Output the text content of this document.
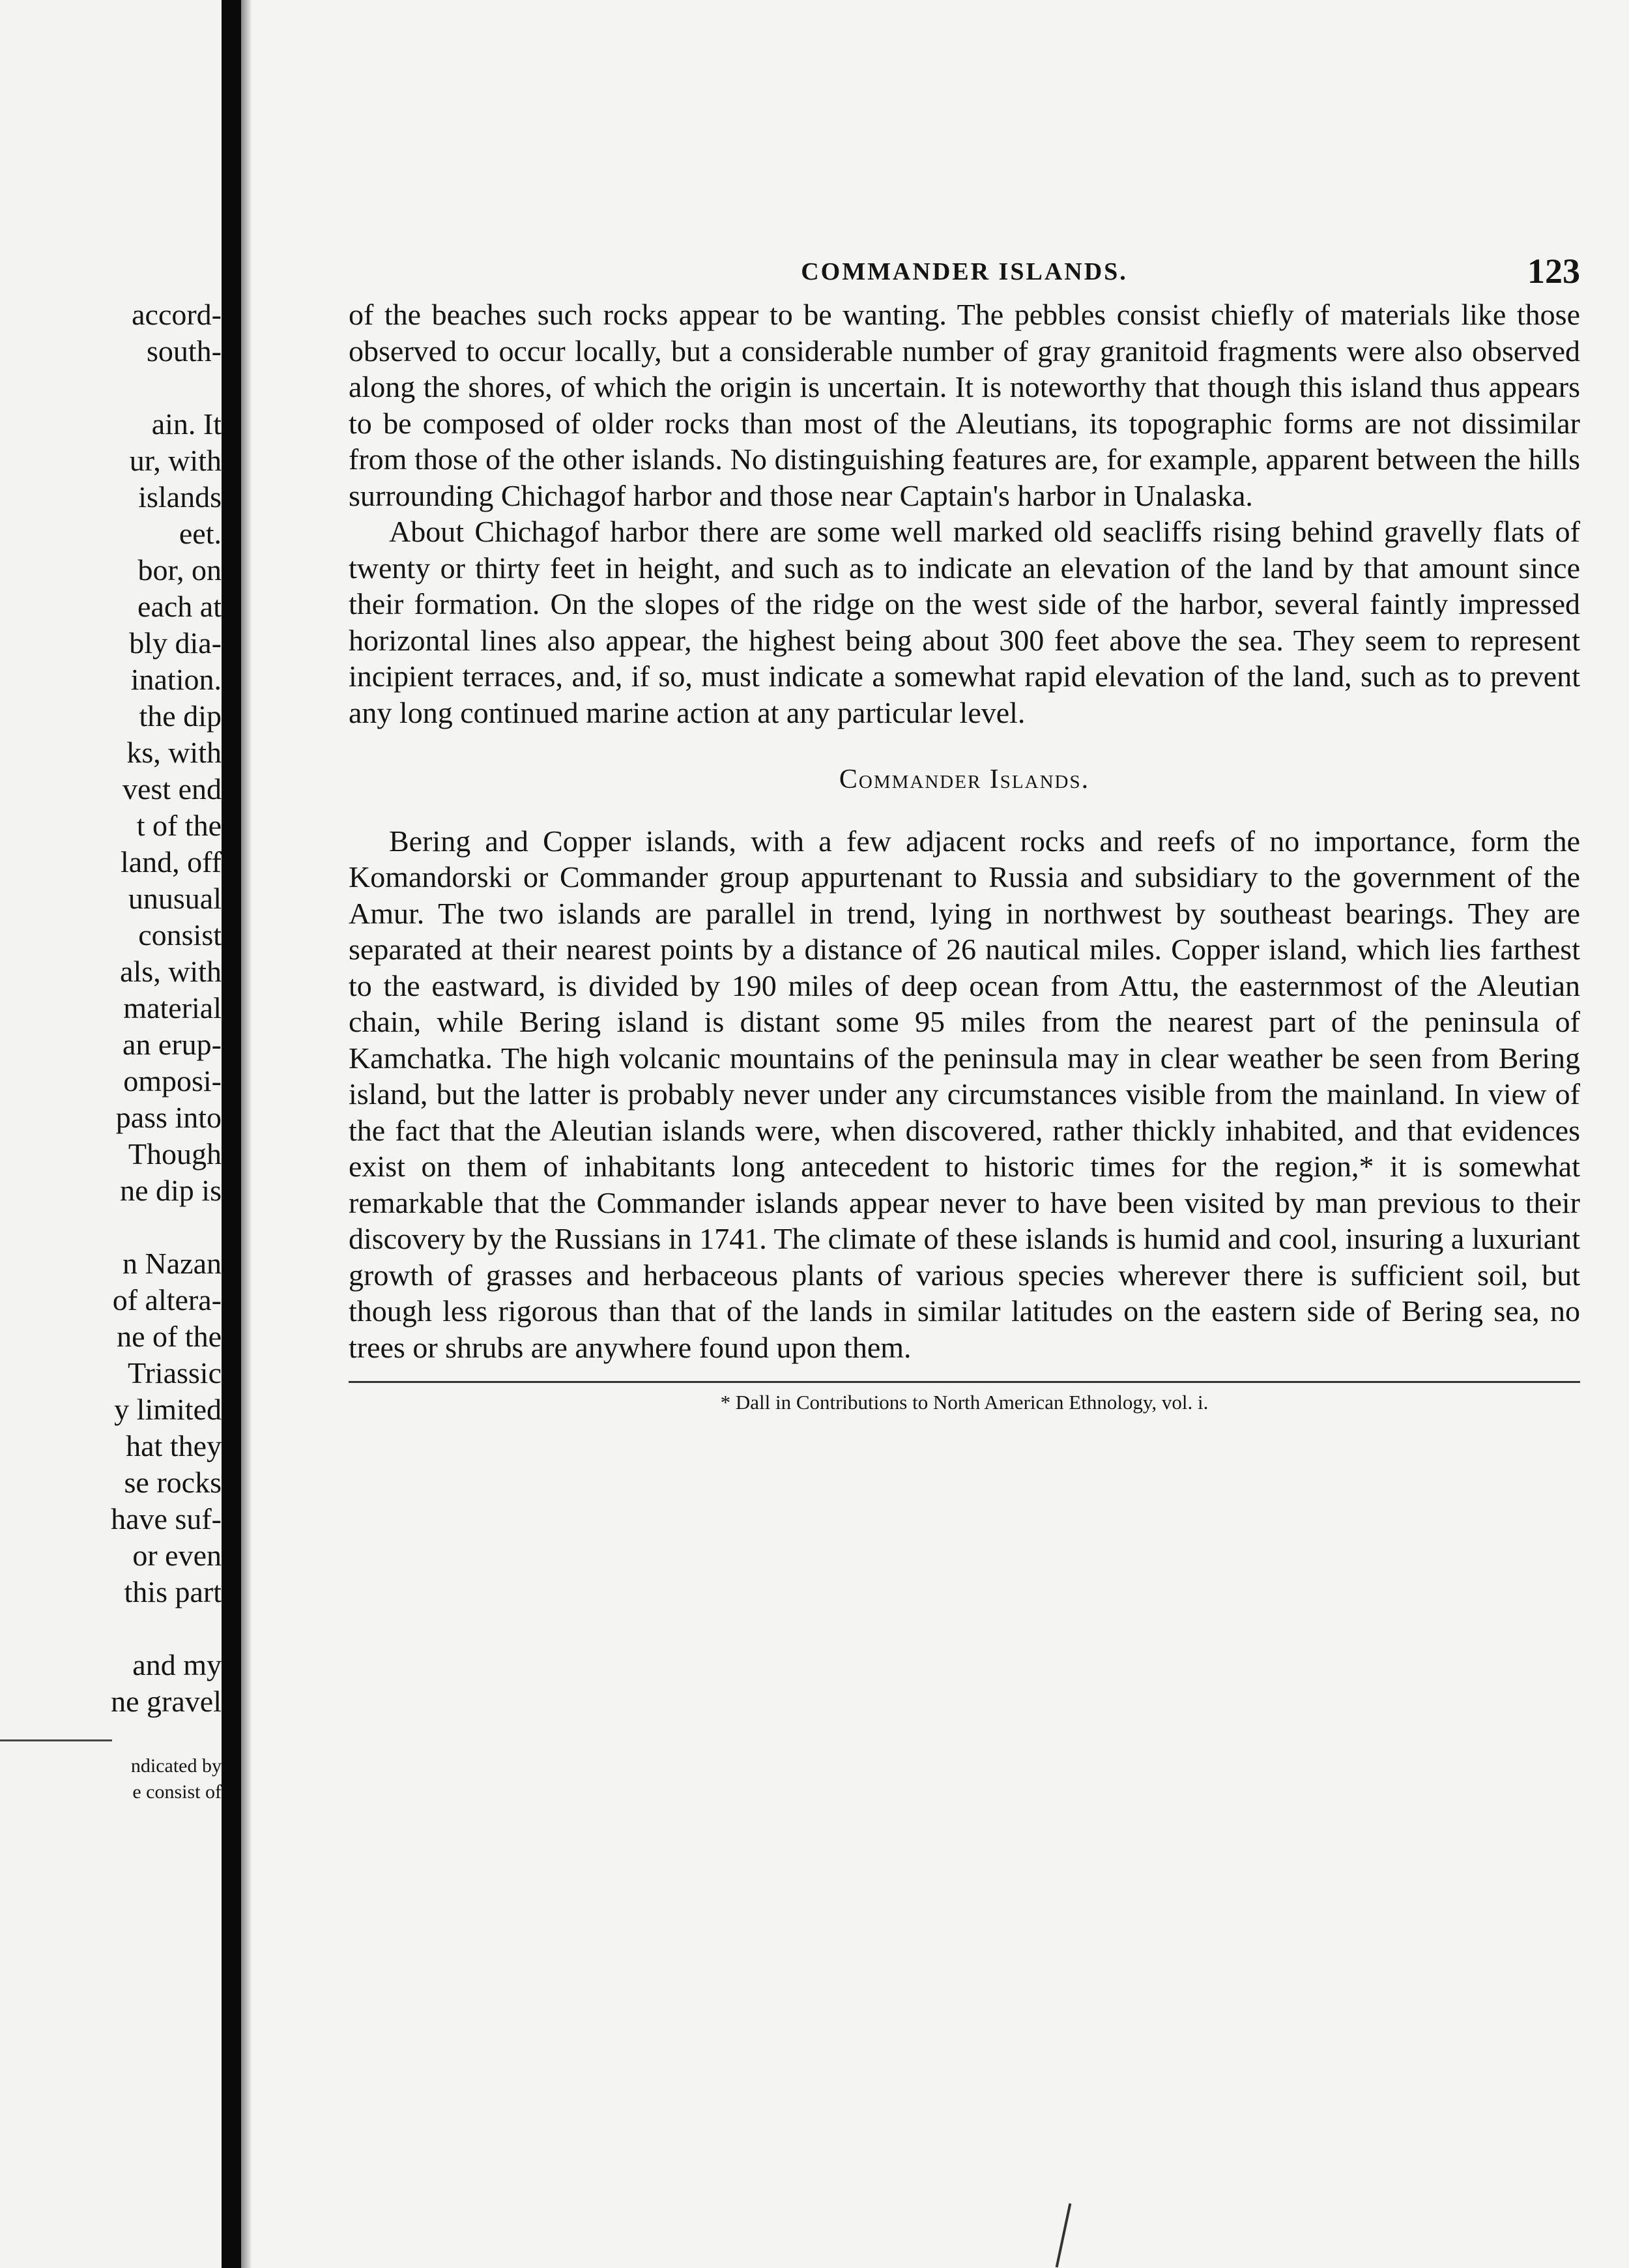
accord-
south-
ain. It
ur, with
islands
eet.
bor, on
each at
bly dia-
ination.
the dip
ks, with
vest end
t of the
land, off
unusual
consist
als, with
material
an erup-
omposi-
pass into
Though
ne dip is
n Nazan
of altera-
ne of the
Triassic
y limited
hat they
se rocks
have suf-
or even
this part
and my
ne gravel
ndicated by
e consist of
COMMANDER ISLANDS.	123

of the beaches such rocks appear to be wanting. The pebbles consist chiefly of materials like those observed to occur locally, but a considerable number of gray granitoid fragments were also observed along the shores, of which the origin is uncertain. It is noteworthy that though this island thus appears to be composed of older rocks than most of the Aleutians, its topographic forms are not dissimilar from those of the other islands. No distinguishing features are, for example, apparent between the hills surrounding Chichagof harbor and those near Captain's harbor in Unalaska.

About Chichagof harbor there are some well marked old seacliffs rising behind gravelly flats of twenty or thirty feet in height, and such as to indicate an elevation of the land by that amount since their formation. On the slopes of the ridge on the west side of the harbor, several faintly impressed horizontal lines also appear, the highest being about 300 feet above the sea. They seem to represent incipient terraces, and, if so, must indicate a somewhat rapid elevation of the land, such as to prevent any long continued marine action at any particular level.

Commander Islands.

Bering and Copper islands, with a few adjacent rocks and reefs of no importance, form the Komandorski or Commander group appurtenant to Russia and subsidiary to the government of the Amur. The two islands are parallel in trend, lying in northwest by southeast bearings. They are separated at their nearest points by a distance of 26 nautical miles. Copper island, which lies farthest to the eastward, is divided by 190 miles of deep ocean from Attu, the easternmost of the Aleutian chain, while Bering island is distant some 95 miles from the nearest part of the peninsula of Kamchatka. The high volcanic mountains of the peninsula may in clear weather be seen from Bering island, but the latter is probably never under any circumstances visible from the mainland. In view of the fact that the Aleutian islands were, when discovered, rather thickly inhabited, and that evidences exist on them of inhabitants long antecedent to historic times for the region,* it is somewhat remarkable that the Commander islands appear never to have been visited by man previous to their discovery by the Russians in 1741. The climate of these islands is humid and cool, insuring a luxuriant growth of grasses and herbaceous plants of various species wherever there is sufficient soil, but though less rigorous than that of the lands in similar latitudes on the eastern side of Bering sea, no trees or shrubs are anywhere found upon them.

* Dall in Contributions to North American Ethnology, vol. i.
